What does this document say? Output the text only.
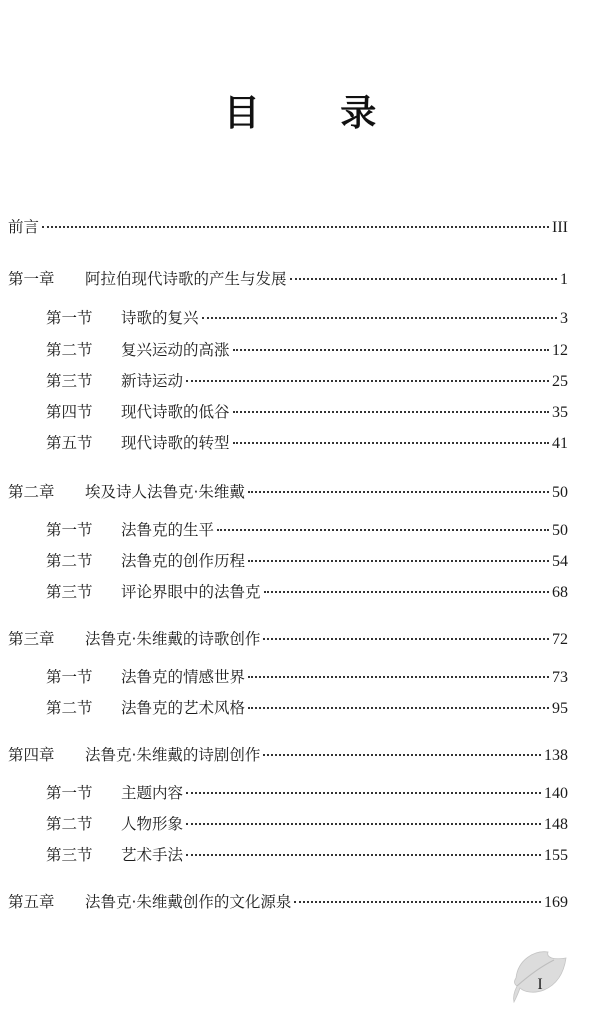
目 录
前言	III
第一章	阿拉伯现代诗歌的产生与发展	1
第一节	诗歌的复兴	3
第二节	复兴运动的高涨	12
第三节	新诗运动	25
第四节	现代诗歌的低谷	35
第五节	现代诗歌的转型	41
第二章	埃及诗人法鲁克·朱维戴	50
第一节	法鲁克的生平	50
第二节	法鲁克的创作历程	54
第三节	评论界眼中的法鲁克	68
第三章	法鲁克·朱维戴的诗歌创作	72
第一节	法鲁克的情感世界	73
第二节	法鲁克的艺术风格	95
第四章	法鲁克·朱维戴的诗剧创作	138
第一节	主题内容	140
第二节	人物形象	148
第三节	艺术手法	155
第五章	法鲁克·朱维戴创作的文化源泉	169
I
